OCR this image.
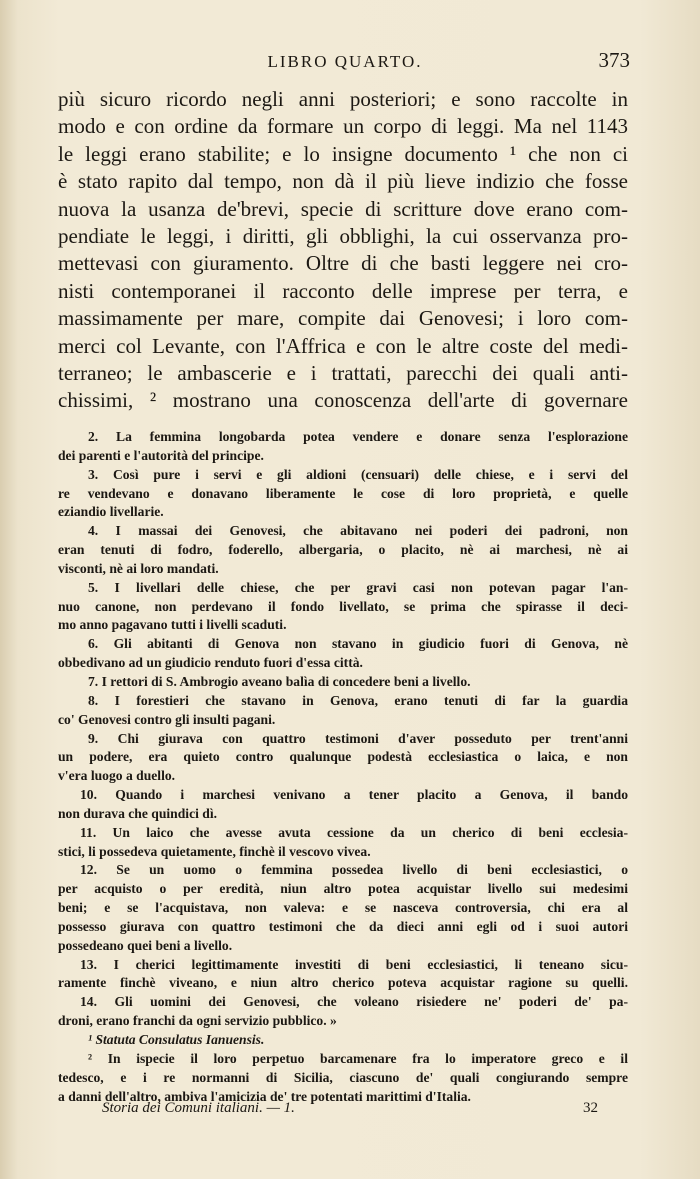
LIBRO QUARTO.	373
più sicuro ricordo negli anni posteriori; e sono raccolte in
modo e con ordine da formare un corpo di leggi. Ma nel 1143
le leggi erano stabilite; e lo insigne documento ¹ che non ci
è stato rapito dal tempo, non dà il più lieve indizio che fosse
nuova la usanza de'brevi, specie di scritture dove erano com-
pendiate le leggi, i diritti, gli obblighi, la cui osservanza pro-
mettevasi con giuramento. Oltre di che basti leggere nei cro-
nisti contemporanei il racconto delle imprese per terra, e
massimamente per mare, compite dai Genovesi; i loro com-
merci col Levante, con l'Affrica e con le altre coste del medi-
terraneo; le ambascerie e i trattati, parecchi dei quali anti-
chissimi, ² mostrano una conoscenza dell'arte di governare
2. La femmina longobarda potea vendere e donare senza l'esplorazione
dei parenti e l'autorità del principe.
3. Così pure i servi e gli aldioni (censuari) delle chiese, e i servi del
re vendevano e donavano liberamente le cose di loro proprietà, e quelle
eziandio livellarie.
4. I massai dei Genovesi, che abitavano nei poderi dei padroni, non
eran tenuti di fodro, foderello, albergaria, o placito, nè ai marchesi, nè ai
visconti, nè ai loro mandati.
5. I livellari delle chiese, che per gravi casi non potevan pagar l'an-
nuo canone, non perdevano il fondo livellato, se prima che spirasse il deci-
mo anno pagavano tutti i livelli scaduti.
6. Gli abitanti di Genova non stavano in giudicio fuori di Genova, nè
obbedivano ad un giudicio renduto fuori d'essa città.
7. I rettori di S. Ambrogio aveano balìa di concedere beni a livello.
8. I forestieri che stavano in Genova, erano tenuti di far la guardia
co' Genovesi contro gli insulti pagani.
9. Chi giurava con quattro testimoni d'aver posseduto per trent'anni
un podere, era quieto contro qualunque podestà ecclesiastica o laica, e non
v'era luogo a duello.
10. Quando i marchesi venivano a tener placito a Genova, il bando
non durava che quindici dì.
11. Un laico che avesse avuta cessione da un cherico di beni ecclesia-
stici, li possedeva quietamente, finchè il vescovo vivea.
12. Se un uomo o femmina possedea livello di beni ecclesiastici, o
per acquisto o per eredità, niun altro potea acquistar livello sui medesimi
beni; e se l'acquistava, non valeva: e se nasceva controversia, chi era al
possesso giurava con quattro testimoni che da dieci anni egli od i suoi autori
possedeano quei beni a livello.
13. I cherici legittimamente investiti di beni ecclesiastici, li teneano sicu-
ramente finchè viveano, e niun altro cherico poteva acquistar ragione su quelli.
14. Gli uomini dei Genovesi, che voleano risiedere ne' poderi de' pa-
droni, erano franchi da ogni servizio pubblico. »
¹ Statuta Consulatus Ianuensis.
² In ispecie il loro perpetuo barcamenare fra lo imperatore greco e il
tedesco, e i re normanni di Sicilia, ciascuno de' quali congiurando sempre
a danni dell'altro, ambiva l'amicizia de' tre potentati marittimi d'Italia.
Storia dei Comuni italiani. — 1.	32
